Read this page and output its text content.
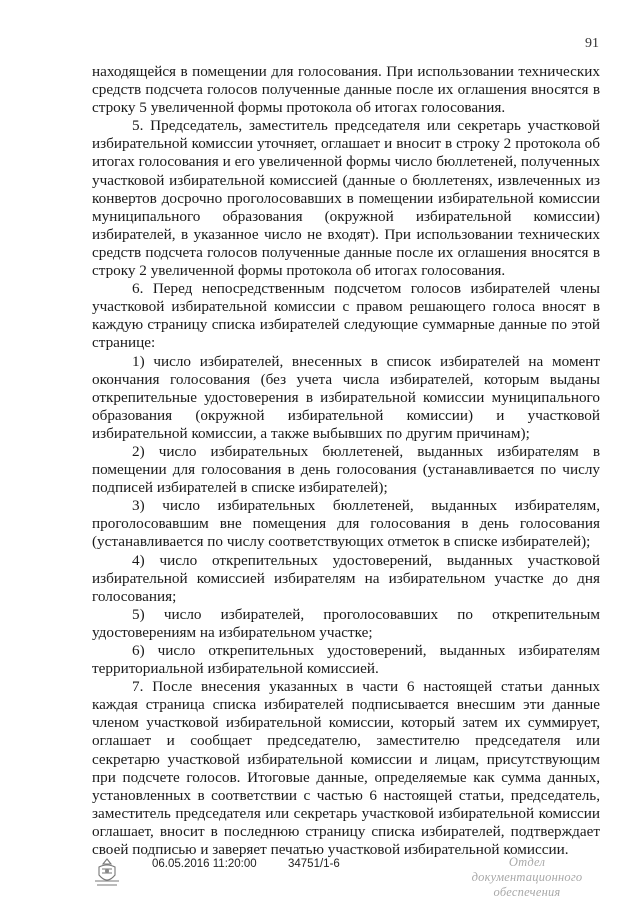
91

находящейся в помещении для голосования. При использовании технических средств подсчета голосов полученные данные после их оглашения вносятся в строку 5 увеличенной формы протокола об итогах голосования.

5. Председатель, заместитель председателя или секретарь участковой избирательной комиссии уточняет, оглашает и вносит в строку 2 протокола об итогах голосования и его увеличенной формы число бюллетеней, полученных участковой избирательной комиссией (данные о бюллетенях, извлеченных из конвертов досрочно проголосовавших в помещении избирательной комиссии муниципального образования (окружной избирательной комиссии) избирателей, в указанное число не входят). При использовании технических средств подсчета голосов полученные данные после их оглашения вносятся в строку 2 увеличенной формы протокола об итогах голосования.

6. Перед непосредственным подсчетом голосов избирателей члены участковой избирательной комиссии с правом решающего голоса вносят в каждую страницу списка избирателей следующие суммарные данные по этой странице:

1) число избирателей, внесенных в список избирателей на момент окончания голосования (без учета числа избирателей, которым выданы открепительные удостоверения в избирательной комиссии муниципального образования (окружной избирательной комиссии) и участковой избирательной комиссии, а также выбывших по другим причинам);

2) число избирательных бюллетеней, выданных избирателям в помещении для голосования в день голосования (устанавливается по числу подписей избирателей в списке избирателей);

3) число избирательных бюллетеней, выданных избирателям, проголосовавшим вне помещения для голосования в день голосования (устанавливается по числу соответствующих отметок в списке избирателей);

4) число открепительных удостоверений, выданных участковой избирательной комиссией избирателям на избирательном участке до дня голосования;

5) число избирателей, проголосовавших по открепительным удостоверениям на избирательном участке;

6) число открепительных удостоверений, выданных избирателям территориальной избирательной комиссией.

7. После внесения указанных в части 6 настоящей статьи данных каждая страница списка избирателей подписывается внесшим эти данные членом участковой избирательной комиссии, который затем их суммирует, оглашает и сообщает председателю, заместителю председателя или секретарю участковой избирательной комиссии и лицам, присутствующим при подсчете голосов. Итоговые данные, определяемые как сумма данных, установленных в соответствии с частью 6 настоящей статьи, председатель, заместитель председателя или секретарь участковой избирательной комиссии оглашает, вносит в последнюю страницу списка избирателей, подтверждает своей подписью и заверяет печатью участковой избирательной комиссии.

06.05.2016 11:20:00	34751/1-6	Отдел документационного обеспечения
